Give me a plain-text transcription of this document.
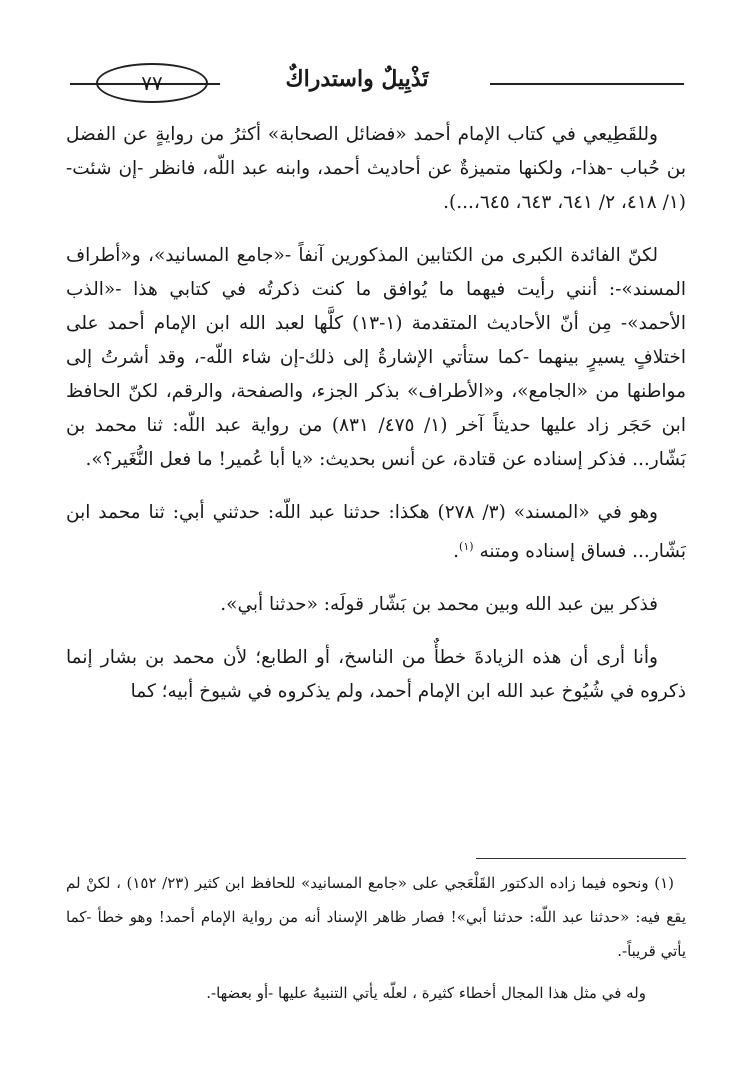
٧٧	تَذْيِيلٌ واستدراكٌ

وللقَطِيعي في كتاب الإمام أحمد «فضائل الصحابة» أكثرُ من روايةٍ عن الفضل بن حُباب -هذا-، ولكنها متميزةٌ عن أحاديث أحمد، وابنه عبد اللّه، فانظر -إن شئت- (١/ ٤١٨، ٢/ ٦٤١، ٦٤٣، ٦٤٥،...).

لكنّ الفائدة الكبرى من الكتابين المذكورين آنفاً -«جامع المسانيد»، و«أطراف المسند»-: أنني رأيت فيهما ما يُوافق ما كنت ذكرتُه في كتابي هذا -«الذب الأحمد»- مِن أنّ الأحاديث المتقدمة (١-١٣) كلَّها لعبد الله ابن الإمام أحمد على اختلافٍ يسيرٍ بينهما -كما ستأتي الإشارةُ إلى ذلك-إن شاء اللّه-، وقد أشرتُ إلى مواطنها من «الجامع»، و«الأطراف» بذكر الجزء، والصفحة، والرقم، لكنّ الحافظ ابن حَجَر زاد عليها حديثاً آخر (١/ ٤٧٥/ ٨٣١) من رواية عبد اللّه: ثنا محمد بن بَشّار... فذكر إسناده عن قتادة، عن أنس بحديث: «يا أبا عُمير! ما فعل النُّغَير؟».

وهو في «المسند» (٣/ ٢٧٨) هكذا: حدثنا عبد اللّه: حدثني أبي: ثنا محمد ابن بَشّار... فساق إسناده ومتنه $^{(١)}$.

فذكر بين عبد الله وبين محمد بن بَشّار قولَه: «حدثنا أبي».

وأنا أرى أن هذه الزيادةَ خطأٌ من الناسخ، أو الطابع؛ لأن محمد بن بشار إنما ذكروه في شُيُوخ عبد الله ابن الإمام أحمد، ولم يذكروه في شيوخ أبيه؛ كما

(١) ونحوه فيما زاده الدكتور القَلْعَجي على «جامع المسانيد» للحافظ ابن كثير (٢٣/ ١٥٢) ، لكنْ لم يقع فيه: «حدثنا عبد اللّه: حدثنا أبي»! فصار ظاهر الإسناد أنه من رواية الإمام أحمد! وهو خطأ -كما يأتي قريباً-.

وله في مثل هذا المجال أخطاء كثيرة ، لعلّه يأتي التنبيهُ عليها -أو بعضها-.
